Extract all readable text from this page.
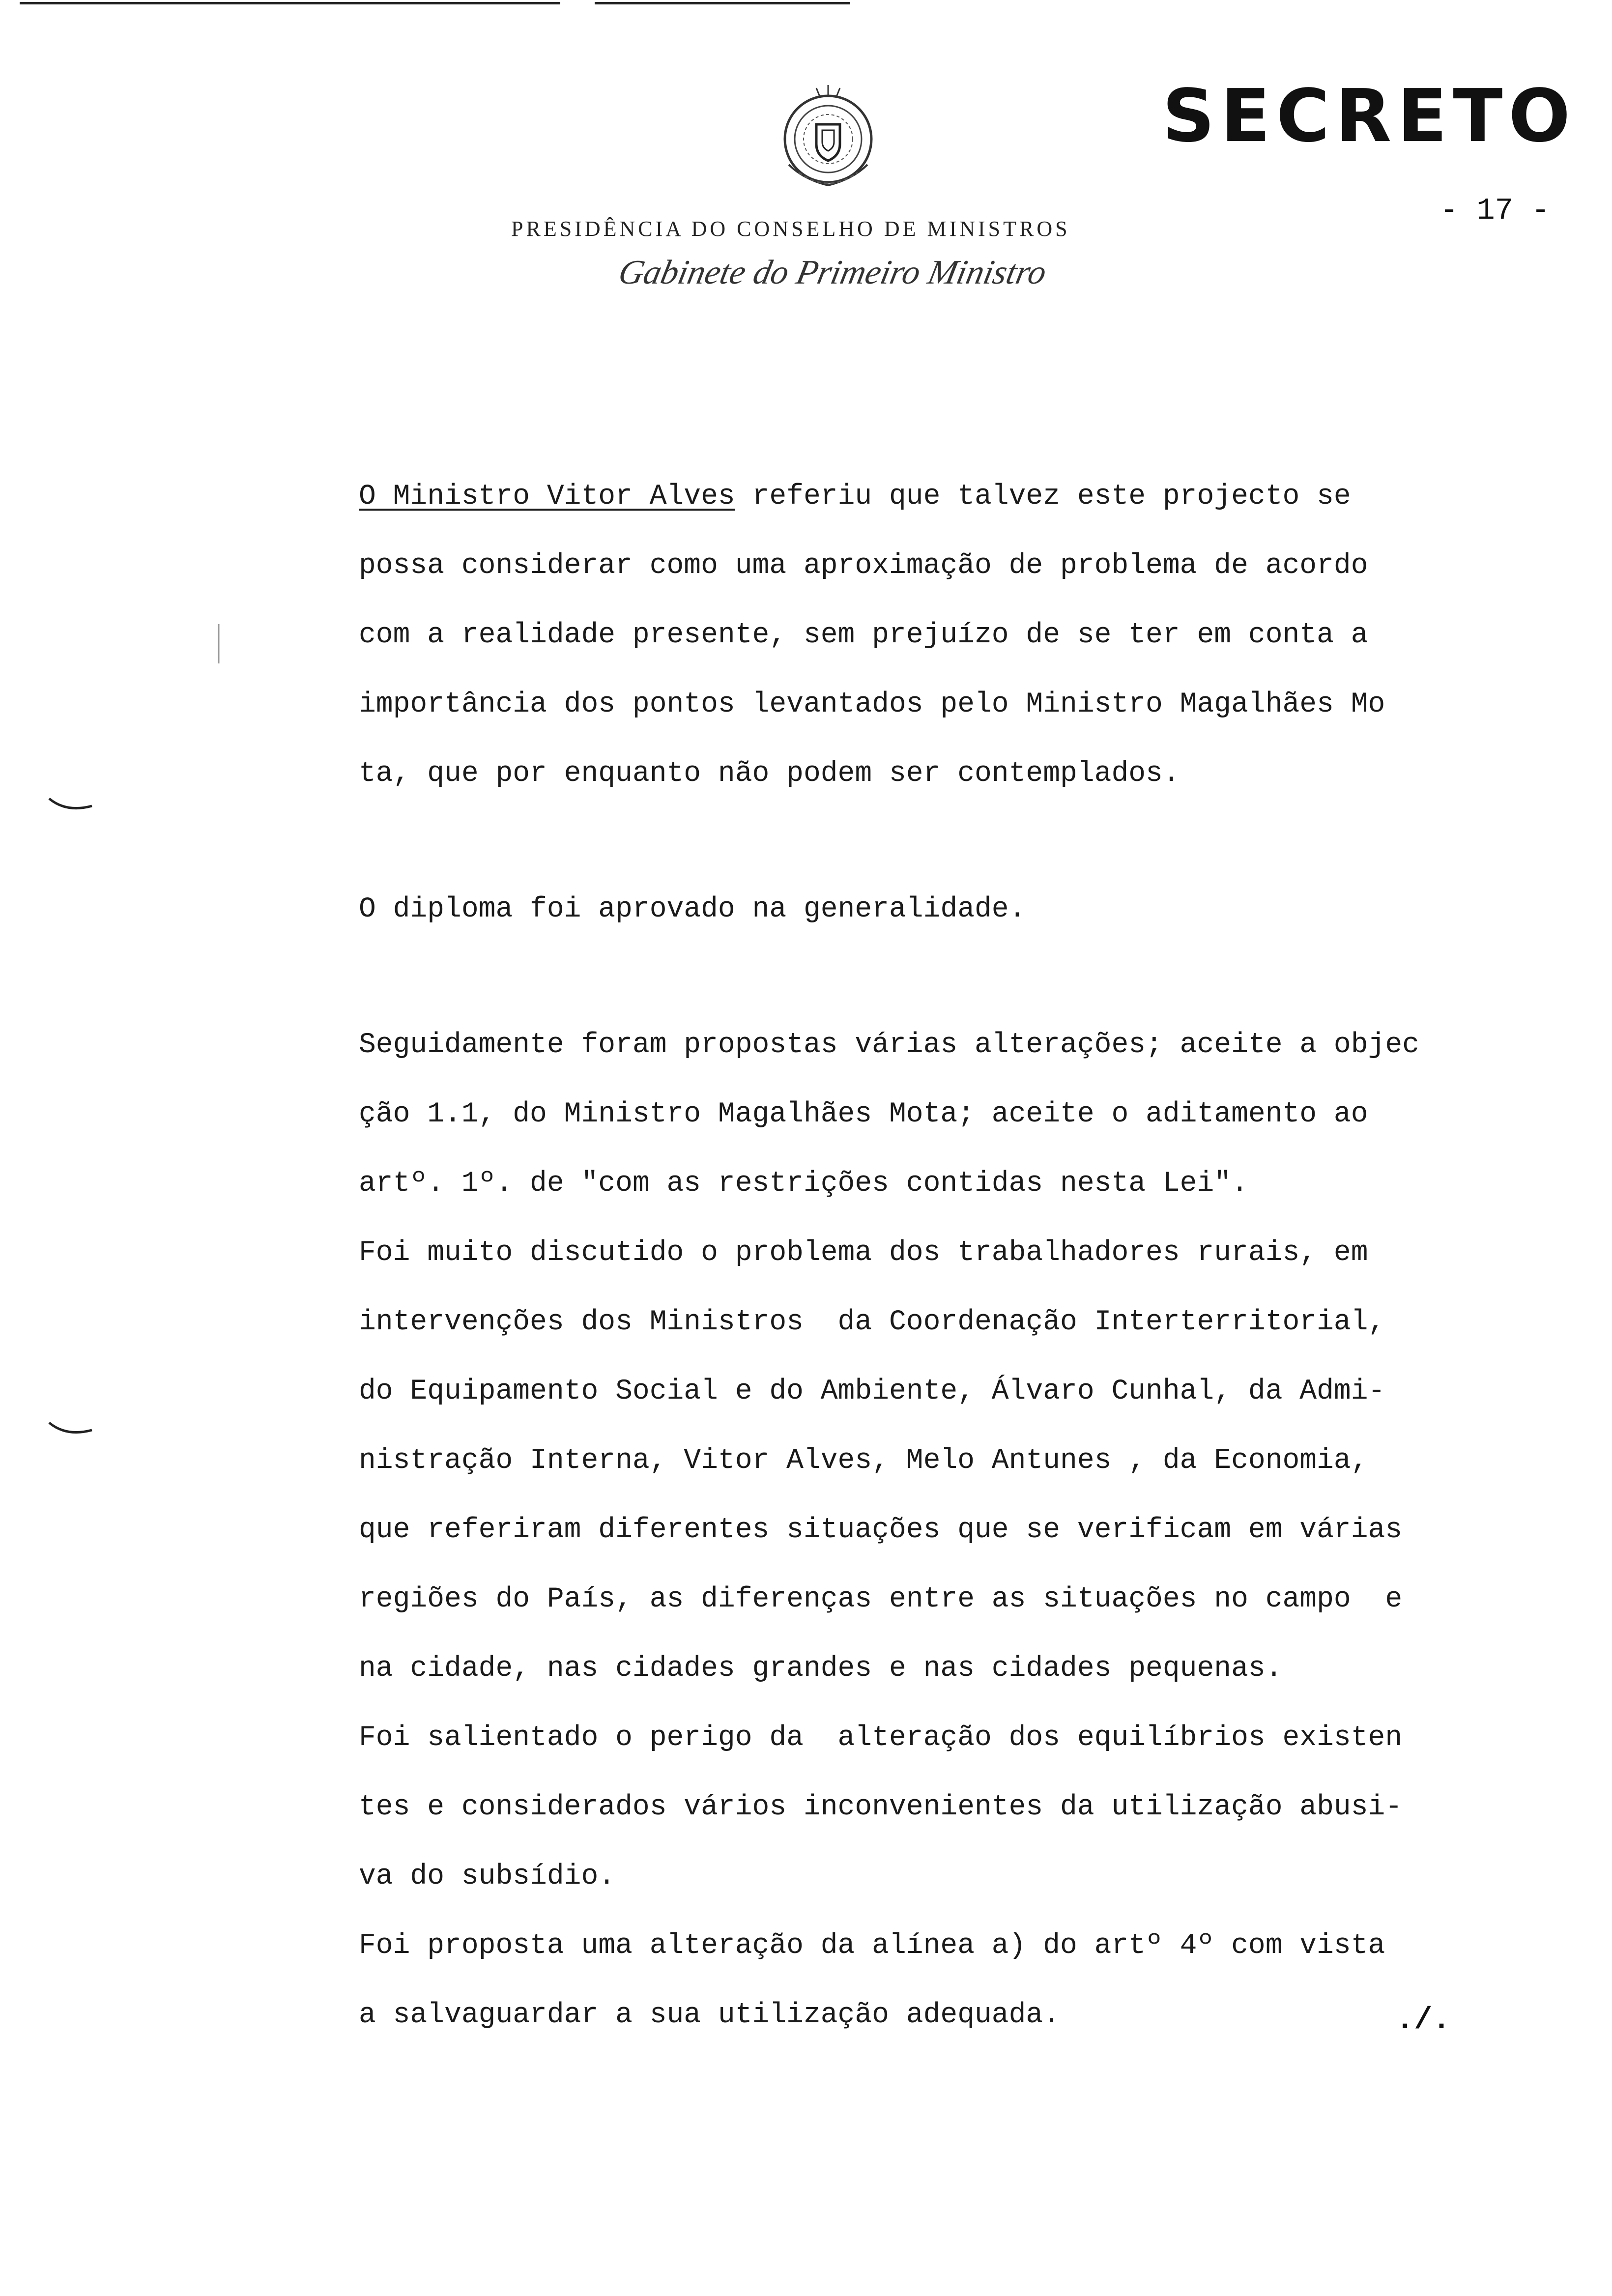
SECRETO
- 17 -
PRESIDÊNCIA DO CONSELHO DE MINISTROS
Gabinete do Primeiro Ministro

O Ministro Vitor Alves referiu que talvez este projecto se

possa considerar como uma aproximação de problema de acordo

com a realidade presente, sem prejuízo de se ter em conta a

importância dos pontos levantados pelo Ministro Magalhães Mo

ta, que por enquanto não podem ser contemplados.

O diploma foi aprovado na generalidade.

Seguidamente foram propostas várias alterações; aceite a objec

ção 1.1, do Ministro Magalhães Mota; aceite o aditamento ao

artº. 1º. de "com as restrições contidas nesta Lei".

Foi muito discutido o problema dos trabalhadores rurais, em

intervenções dos Ministros  da Coordenação Interterritorial,

do Equipamento Social e do Ambiente, Álvaro Cunhal, da Admi-

nistração Interna, Vitor Alves, Melo Antunes , da Economia,

que referiram diferentes situações que se verificam em várias

regiões do País, as diferenças entre as situações no campo  e

na cidade, nas cidades grandes e nas cidades pequenas.

Foi salientado o perigo da  alteração dos equilíbrios existen

tes e considerados vários inconvenientes da utilização abusi-

va do subsídio.

Foi proposta uma alteração da alínea a) do artº 4º com vista

a salvaguardar a sua utilização adequada.	./.
